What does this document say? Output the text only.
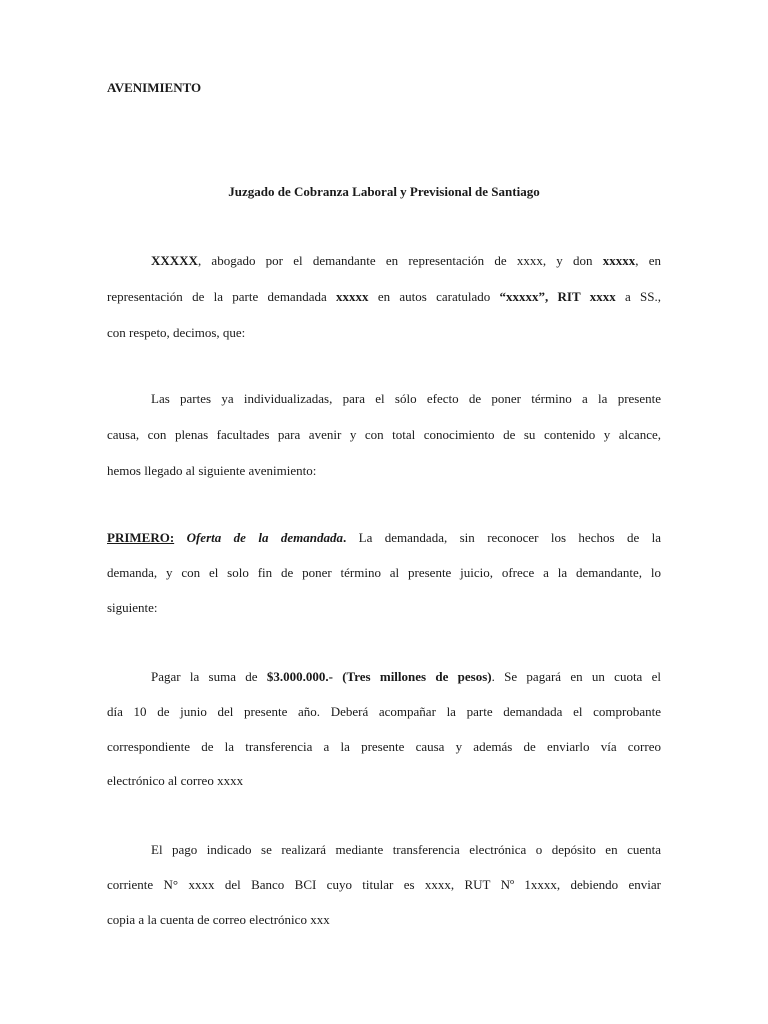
AVENIMIENTO
Juzgado de Cobranza Laboral y Previsional de Santiago
XXXXX, abogado por el demandante en representación de xxxx, y don xxxxx, en
representación de la parte demandada xxxxx en autos caratulado “xxxxx”, RIT xxxx a SS.,
con respeto, decimos, que:
Las partes ya individualizadas, para el sólo efecto de poner término a la presente
causa, con plenas facultades para avenir y con total conocimiento de su contenido y alcance,
hemos llegado al siguiente avenimiento:
PRIMERO: Oferta de la demandada. La demandada, sin reconocer los hechos de la
demanda, y con el solo fin de poner término al presente juicio, ofrece a la demandante, lo
siguiente:
Pagar la suma de $3.000.000.- (Tres millones de pesos). Se pagará en un cuota el
día 10 de junio del presente año. Deberá acompañar la parte demandada el comprobante
correspondiente de la transferencia a la presente causa y además de enviarlo vía correo
electrónico al correo xxxx
El pago indicado se realizará mediante transferencia electrónica o depósito en cuenta
corriente N° xxxx del Banco BCI cuyo titular es xxxx, RUT Nº 1xxxx, debiendo enviar
copia a la cuenta de correo electrónico xxx
